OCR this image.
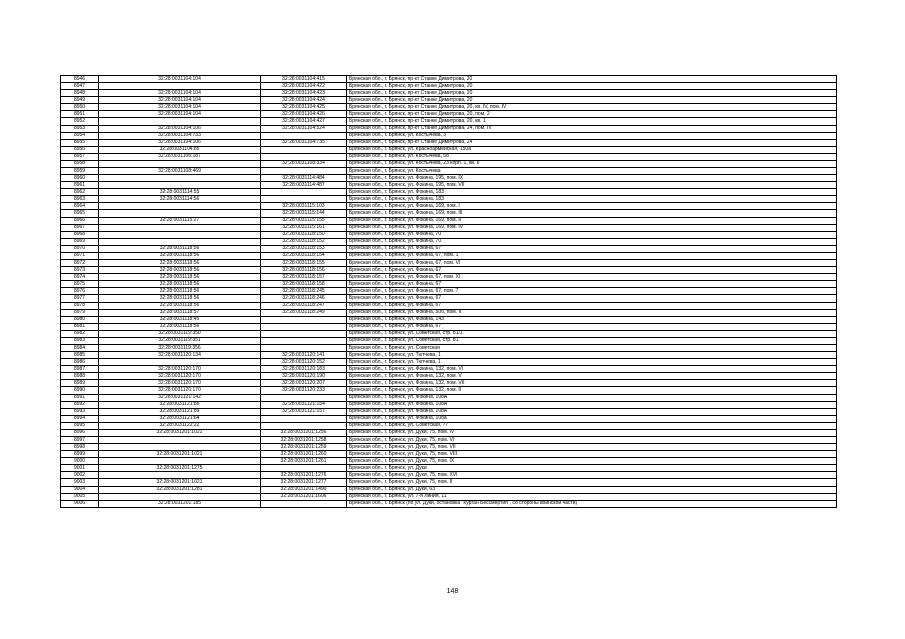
8946	32:28:0031104:104	32:28:0031104:415	Брянская обл., г. Брянск, пр-кт Ставке Димитрова, 20
8947		32:28:0031104:422	Брянская обл., г. Брянск, пр-кт Станке Димитрова, 20
8948	32:28:0031104:104	32:28:0031104:423	Брянская обл., г. Брянск, пр-кт Станке Димитрова, 20
8949	32:28:0031104:104	32:28:0031104:424	Брянская обл., г. Брянск, пр-кт Станке Димитрова, 20
8950	32:28:0031104:104	32:28:0031104:425	Брянская обл., г. Брянск, пр-кт Станке Димитрова, 20, кв. IV, пом. IV
8951	32:28:0031104:104	32:28:0031104:426	Брянская обл., г. Брянск, пр-кт Станке Димитрова, 20, пом. 2
8952		32:28:0031104:427	Брянская обл., г. Брянск, пр-кт Станке Димитрова, 20, кв. 1
8953	32:28:0031104:106	32:28:0031104:524	Брянская обл., г. Брянск, пр-кт Станке Димитрова, 24, пом. IV
8954	32:28:0031104:733		Брянская обл., г. Брянск, ул. Костычева, 3
8955	32:28:0031104:106	32:28:0031104:735	Брянская обл., г. Брянск, пр-кт Станке Димитрова, 24
8956	32:28:0031104:85		Брянская обл., г. Брянск, ул. Красноармейская, 150а
8957	32:28:0031106:187		Брянская обл., г. Брянск, ул. Костычева, 58
8958		32:28:0031108:334	Брянская обл., г. Брянск, ул. Костычева, 23 корп. 1, кв. II
8959	32:28:0031108:469		Брянская обл., г. Брянск, ул. Костычева
8960		32:28:0031114:484	Брянская обл., г. Брянск, ул. Фокина, 195, пом. IX
8961		32:28:0031114:487	Брянская обл., г. Брянск, ул. Фокина, 195, пом. VII
8962	32:28:0031114:55		Брянская обл., г. Брянск, ул. Фокина, 183
8963	32:28:0031114:56		Брянская обл., г. Брянск, ул. Фокина, 183
8964		32:28:0031115:103	Брянская обл., г. Брянск, ул. Фокина, 169, пом. I
8965		32:28:0031115:144	Брянская обл., г. Брянск, ул. Фокина, 169, пом. III
8966	32:28:0031115:27	32:28:0031115:155	Брянская обл., г. Брянск, ул. Фокина, 169, пом. II
8967		32:28:0031115:161	Брянская обл., г. Брянск, ул. Фокина, 169, пом. IV
8968		32:28:0031118:150	Брянская обл., г. Брянск, ул. Фокина, 70
8969		32:28:0031118:152	Брянская обл., г. Брянск, ул. Фокина, 70
8970	32:28:0031118:56	32:28:0031118:153	Брянская обл., г. Брянск, ул. Фокина, 67
8971	32:28:0031118:56	32:28:0031118:154	Брянская обл., г. Брянск, ул. Фокина, 67, пом. 1
8972	32:28:0031118:56	32:28:0031118:155	Брянская обл., г. Брянск, ул. Фокина, 67, пом. VI
8973	32:28:0031118:56	32:28:0031118:156	Брянская обл., г. Брянск, ул. Фокина, 67
8974	32:28:0031118:56	32:28:0031118:157	Брянская обл., г. Брянск, ул. Фокина, 67, пом. XI
8975	32:28:0031118:56	32:28:0031118:158	Брянская обл., г. Брянск, ул. Фокина, 67
8976	32:28:0031118:56	32:28:0031118:245	Брянская обл., г. Брянск, ул. Фокина, 67, пом. 7
8977	32:28:0031118:56	32:28:0031118:246	Брянская обл., г. Брянск, ул. Фокина, 67
8978	32:28:0031118:56	32:28:0031118:247	Брянская обл., г. Брянск, ул. Фокина, 67
8979	32:28:0031118:57	32:28:0031118:249	Брянская обл., г. Брянск, ул. Фокина, 50б, пом. II
8980	32:28:0031118:45		Брянская обл., г. Брянск, ул. Фокина, 143
8981	32:28:0031118:56		Брянская обл., г. Брянск, ул. Фокина, 67
8982	32:28:0031119:350		Брянская обл., г. Брянск, ул. Советская, стр. 81/1
8983	32:28:0031119:351		Брянская обл., г. Брянск, ул. Советская, стр. 81
8984	32:28:0031119:356		Брянская обл., г. Брянск, ул. Советская
8985	32:28:0031120:134	32:28:0031120:141	Брянская обл., г. Брянск, ул. Тютчева, 1
8986		32:28:0031120:152	Брянская обл., г. Брянск, ул. Тютчева, 1
8987	32:28:0031120:170	32:28:0031120:183	Брянская обл., г. Брянск, ул. Фокина, 132, пом. VI
8988	32:28:0031120:170	32:28:0031120:190	Брянская обл., г. Брянск, ул. Фокина, 132, пом. V
8989	32:28:0031120:170	32:28:0031120:207	Брянская обл., г. Брянск, ул. Фокина, 132, пом. VII
8990	32:28:0031120:170	32:28:0031120:233	Брянская обл., г. Брянск, ул. Фокина, 132, пом. II
8991	32:28:0031121:142		Брянская обл., г. Брянск, ул. Фокина, 108А
8992	32:28:0031121:86	32:28:0031121:154	Брянская обл., г. Брянск, ул. Фокина, 108А
8993	32:28:0031121:89	32:28:0031121:157	Брянская обл., г. Брянск, ул. Фокина, 108А
8994	32:28:0031121:64		Брянская обл., г. Брянск, ул. Фокина, 108а
8995	32:28:0031122:22		Брянская обл., г. Брянск, ул. Советская, 77
8996	32:28:0031201:1021	32:28:0031201:1256	Брянская обл., г. Брянск, ул. Дуки, 75, пом. IV
8997		32:28:0031201:1258	Брянская обл., г. Брянск, ул. Дуки, 75, пом. VI
8998		32:28:0031201:1259	Брянская обл., г. Брянск, ул. Дуки, 75, пом. VII
8999	32:28:0031201:1021	32:28:0031201:1260	Брянская обл., г. Брянск, ул. Дуки, 75, пом. VIII
9000		32:28:0031201:1261	Брянская обл., г. Брянск, ул. Дуки, 75, пом. IX
9001	32:28:0031201:1275		Брянская обл., г. Брянск, ул. Дуки
9002		32:28:0031201:1276	Брянская обл., г. Брянск, ул. Дуки, 75, пом. XVI
9003	32:28:0031201:1021	32:28:0031201:1277	Брянская обл., г. Брянск, ул. Дуки, 75, пом. II
9004	32:28:0031201:1281	32:28:0031201:1490	Брянская обл., г. Брянск, ул. Дуки, 63
9005		32:28:0031201:1606	Брянская обл., г. Брянск, ул. 7-я Линия, 11
9006	32:28:0031201:185		Брянская обл., г. Брянск (по ул. Дуки, остановка "Курган Бессмертия", со стороны воинской части)
148
